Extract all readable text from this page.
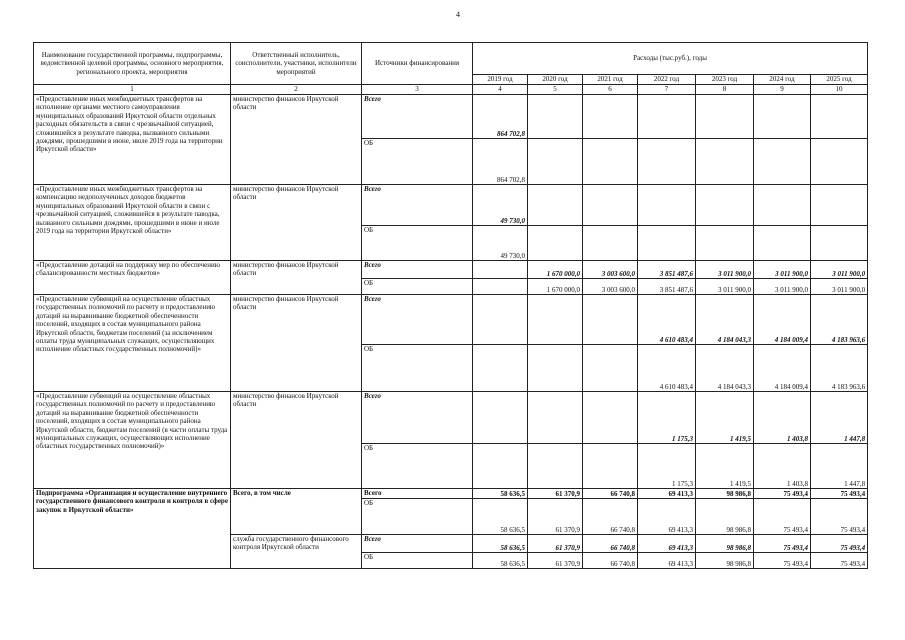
4
Наименование государственной программы, подпрограммы, ведомственной целевой программы, основного мероприятия, регионального проекта, мероприятия	Ответственный исполнитель, соисполнители, участники, исполнители мероприятий	Источники финансирования	Расходы (тыс.руб.), годы						
			2019 год	2020 год	2021 год	2022 год	2023 год	2024 год	2025 год
1	2	3	4	5	6	7	8	9	10
«Предоставление иных межбюджетных трансфертов на исполнение органами местного самоуправления муниципальных образований Иркутской области отдельных расходных обязательств в связи с чрезвычайной ситуацией, сложившейся в результате паводка, вызванного сильными дождями, прошедшими в июне, июле 2019 года на территории Иркутской области»	министерство финансов Иркутской области	Всего	864 702,8						
		ОБ	864 702,8						
«Предоставление иных межбюджетных трансфертов на компенсацию недополученных доходов бюджетов муниципальных образований Иркутской области в связи с чрезвычайной ситуацией, сложившейся в результате паводка, вызванного сильными дождями, прошедшими в июне и июле 2019 года на территории Иркутской области»	министерство финансов Иркутской области	Всего	49 730,0						
		ОБ	49 730,0						
«Предоставление дотаций на поддержку мер по обеспечению сбалансированности местных бюджетов»	министерство финансов Иркутской области	Всего		1 670 000,0	3 003 600,0	3 851 487,6	3 011 900,0	3 011 900,0	3 011 900,0
		ОБ		1 670 000,0	3 003 600,0	3 851 487,6	3 011 900,0	3 011 900,0	3 011 900,0
«Предоставление субвенций на осуществление областных государственных полномочий по расчету и предоставлению дотаций на выравнивание бюджетной обеспеченности поселений, входящих в состав муниципального района Иркутской области, бюджетам поселений (за исключением оплаты труда муниципальных служащих, осуществляющих исполнение областных государственных полномочий)»	министерство финансов Иркутской области	Всего				4 610 483,4	4 184 043,3	4 184 009,4	4 183 963,6
		ОБ				4 610 483,4	4 184 043,3	4 184 009,4	4 183 963,6
«Предоставление субвенций на осуществление областных государственных полномочий по расчету и предоставлению дотаций на выравнивание бюджетной обеспеченности поселений, входящих в состав муниципального района Иркутской области, бюджетам поселений (в части оплаты труда муниципальных служащих, осуществляющих исполнение областных государственных полномочий)»	министерство финансов Иркутской области	Всего				1 175,3	1 419,5	1 403,8	1 447,8
		ОБ				1 175,3	1 419,5	1 403,8	1 447,8
Подпрограмма «Организация и осуществление внутреннего государственного финансового контроля и контроля в сфере закупок в Иркутской области»	Всего, в том числе	Всего	58 636,5	61 370,9	66 740,8	69 413,3	98 986,8	75 493,4	75 493,4
		ОБ	58 636,5	61 370,9	66 740,8	69 413,3	98 986,8	75 493,4	75 493,4
	служба государственного финансового контроля Иркутской области	Всего	58 636,5	61 370,9	66 740,8	69 413,3	98 986,8	75 493,4	75 493,4
		ОБ	58 636,5	61 370,9	66 740,8	69 413,3	98 986,8	75 493,4	75 493,4
